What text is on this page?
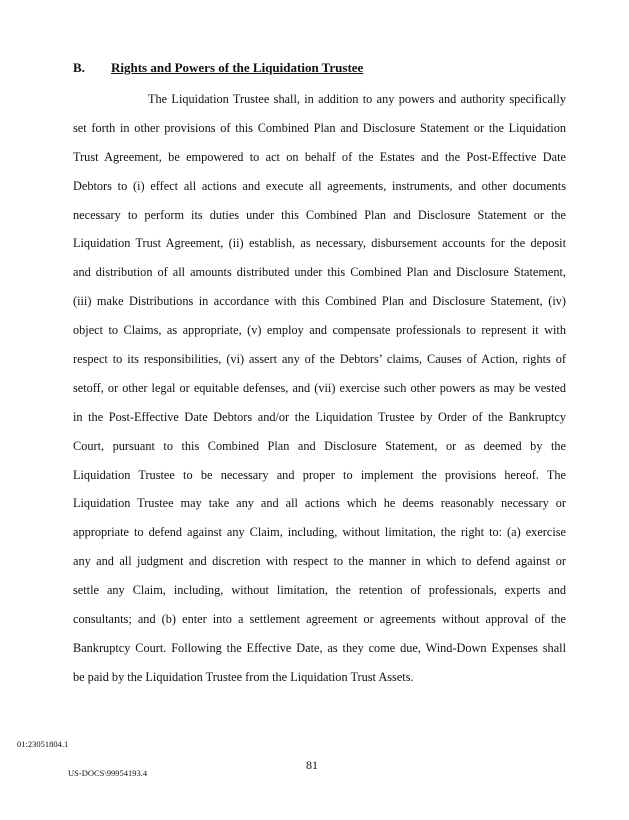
B. Rights and Powers of the Liquidation Trustee
The Liquidation Trustee shall, in addition to any powers and authority specifically
set forth in other provisions of this Combined Plan and Disclosure Statement or the Liquidation
Trust Agreement, be empowered to act on behalf of the Estates and the Post-Effective Date
Debtors to (i) effect all actions and execute all agreements, instruments, and other documents
necessary to perform its duties under this Combined Plan and Disclosure Statement or the
Liquidation Trust Agreement, (ii) establish, as necessary, disbursement accounts for the deposit
and distribution of all amounts distributed under this Combined Plan and Disclosure Statement,
(iii) make Distributions in accordance with this Combined Plan and Disclosure Statement, (iv)
object to Claims, as appropriate, (v) employ and compensate professionals to represent it with
respect to its responsibilities, (vi) assert any of the Debtors’ claims, Causes of Action, rights of
setoff, or other legal or equitable defenses, and (vii) exercise such other powers as may be vested
in the Post-Effective Date Debtors and/or the Liquidation Trustee by Order of the Bankruptcy
Court, pursuant to this Combined Plan and Disclosure Statement, or as deemed by the
Liquidation Trustee to be necessary and proper to implement the provisions hereof. The
Liquidation Trustee may take any and all actions which he deems reasonably necessary or
appropriate to defend against any Claim, including, without limitation, the right to: (a) exercise
any and all judgment and discretion with respect to the manner in which to defend against or
settle any Claim, including, without limitation, the retention of professionals, experts and
consultants; and (b) enter into a settlement agreement or agreements without approval of the
Bankruptcy Court. Following the Effective Date, as they come due, Wind-Down Expenses shall
be paid by the Liquidation Trustee from the Liquidation Trust Assets.
01:23051804.1
81
US-DOCS\99954193.4
